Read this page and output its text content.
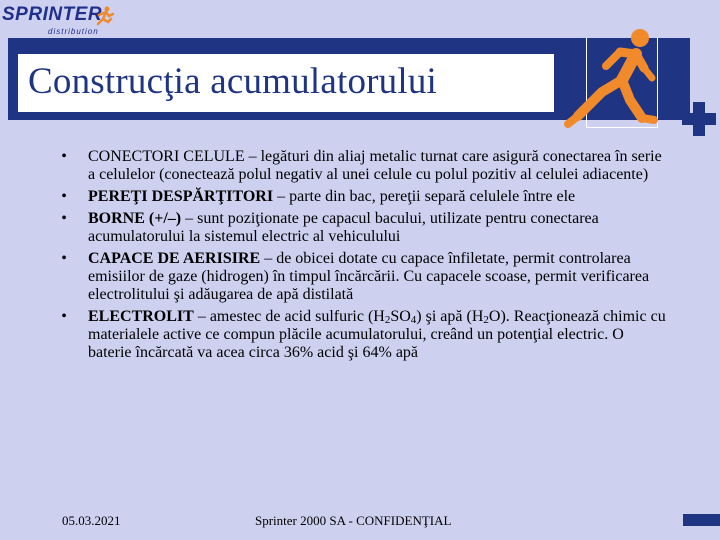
SPRINTER
distribution
Construcţia acumulatorului
• CONECTORI CELULE – legături din aliaj metalic turnat care asigură conectarea în serie a celulelor (conectează polul negativ al unei celule cu polul pozitiv al celulei adiacente)
• PEREŢI DESPĂRŢITORI – parte din bac, pereţii separă celulele între ele
• BORNE (+/–) – sunt poziţionate pe capacul bacului, utilizate pentru conectarea acumulatorului la sistemul electric al vehiculului
• CAPACE DE AERISIRE – de obicei dotate cu capace înfiletate, permit controlarea emisiilor de gaze (hidrogen) în timpul încărcării. Cu capacele scoase, permit verificarea electrolitului şi adăugarea de apă distilată
• ELECTROLIT – amestec de acid sulfuric $(H_2SO_4)$ şi apă $(H_2O)$. Reacţionează chimic cu materialele active ce compun plăcile acumulatorului, creând un potenţial electric. O baterie încărcată va acea circa 36% acid şi 64% apă
05.03.2021	Sprinter 2000 SA - CONFIDENŢIAL
